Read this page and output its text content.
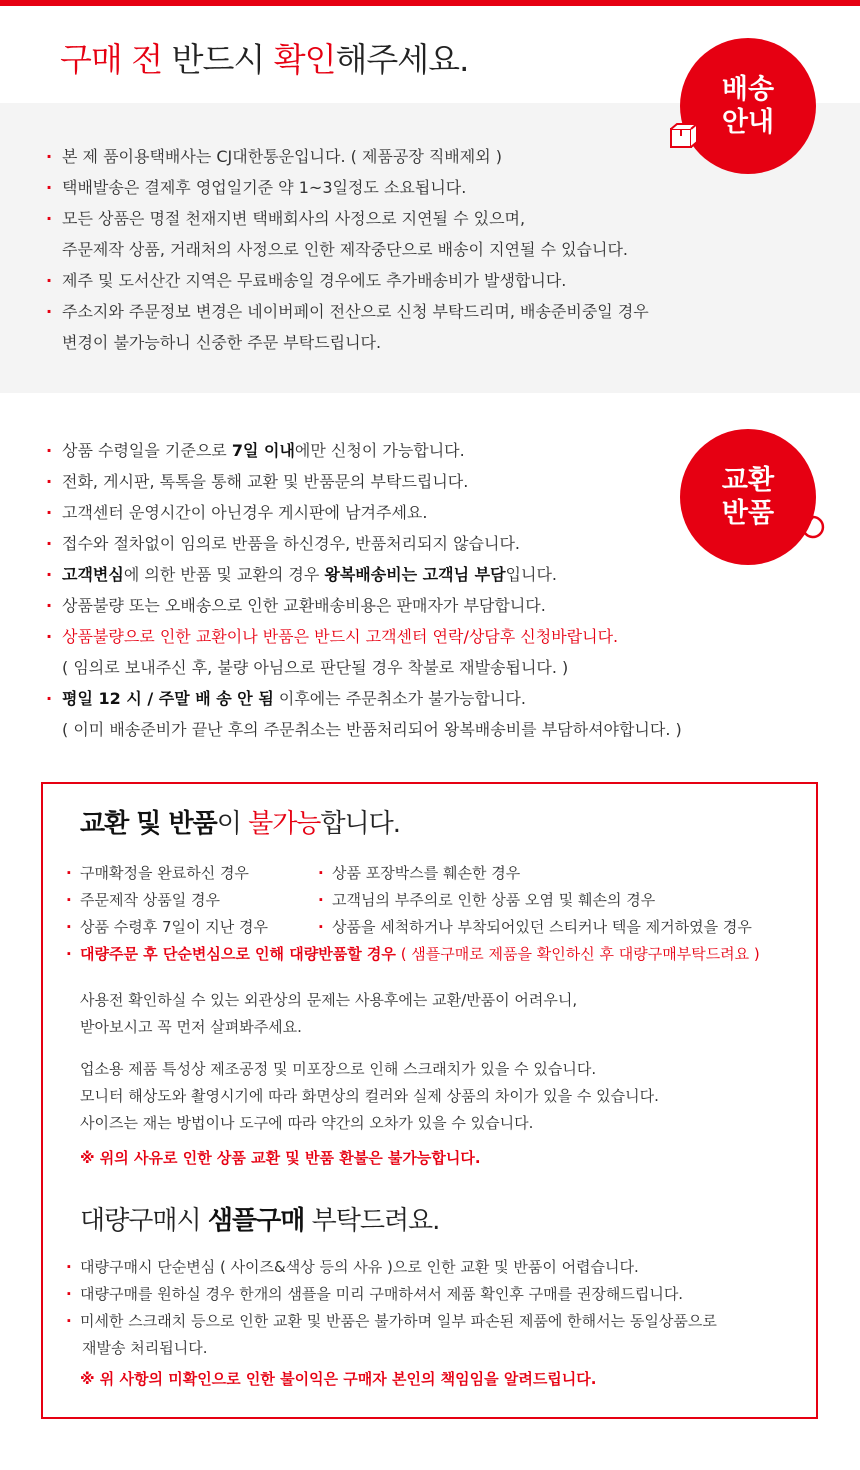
구매 전 반드시 확인해주세요.
배송
안내
· 본 제 품이용택배사는 CJ대한통운입니다. ( 제품공장 직배제외 )
· 택배발송은 결제후 영업일기준 약 1~3일정도 소요됩니다.
· 모든 상품은 명절 천재지변 택배회사의 사정으로 지연될 수 있으며,
주문제작 상품, 거래처의 사정으로 인한 제작중단으로 배송이 지연될 수 있습니다.
· 제주 및 도서산간 지역은 무료배송일 경우에도 추가배송비가 발생합니다.
· 주소지와 주문정보 변경은 네이버페이 전산으로 신청 부탁드리며, 배송준비중일 경우
변경이 불가능하니 신중한 주문 부탁드립니다.
교환
반품
· 상품 수령일을 기준으로 7일 이내에만 신청이 가능합니다.
· 전화, 게시판, 톡톡을 통해 교환 및 반품문의 부탁드립니다.
· 고객센터 운영시간이 아닌경우 게시판에 남겨주세요.
· 접수와 절차없이 임의로 반품을 하신경우, 반품처리되지 않습니다.
· 고객변심에 의한 반품 및 교환의 경우 왕복배송비는 고객님 부담입니다.
· 상품불량 또는 오배송으로 인한 교환배송비용은 판매자가 부담합니다.
· 상품불량으로 인한 교환이나 반품은 반드시 고객센터 연락/상담후 신청바랍니다.
( 임의로 보내주신 후, 불량 아님으로 판단될 경우 착불로 재발송됩니다. )
· 평일 12 시 / 주말 배 송 안 됨 이후에는 주문취소가 불가능합니다.
( 이미 배송준비가 끝난 후의 주문취소는 반품처리되어 왕복배송비를 부담하셔야합니다. )
교환 및 반품이 불가능합니다.
· 구매확정을 완료하신 경우	· 상품 포장박스를 훼손한 경우
· 주문제작 상품일 경우	· 고객님의 부주의로 인한 상품 오염 및 훼손의 경우
· 상품 수령후 7일이 지난 경우	· 상품을 세척하거나 부착되어있던 스티커나 텍을 제거하였을 경우
· 대량주문 후 단순변심으로 인해 대량반품할 경우 ( 샘플구매로 제품을 확인하신 후 대량구매부탁드려요 )
사용전 확인하실 수 있는 외관상의 문제는 사용후에는 교환/반품이 어려우니,
받아보시고 꼭 먼저 살펴봐주세요.
업소용 제품 특성상 제조공정 및 미포장으로 인해 스크래치가 있을 수 있습니다.
모니터 해상도와 촬영시기에 따라 화면상의 컬러와 실제 상품의 차이가 있을 수 있습니다.
사이즈는 재는 방법이나 도구에 따라 약간의 오차가 있을 수 있습니다.
※ 위의 사유로 인한 상품 교환 및 반품 환불은 불가능합니다.
대량구매시 샘플구매 부탁드려요.
· 대량구매시 단순변심 ( 사이즈&색상 등의 사유 )으로 인한 교환 및 반품이 어렵습니다.
· 대량구매를 원하실 경우 한개의 샘플을 미리 구매하셔서 제품 확인후 구매를 권장해드립니다.
· 미세한 스크래치 등으로 인한 교환 및 반품은 불가하며 일부 파손된 제품에 한해서는 동일상품으로
재발송 처리됩니다.
※ 위 사항의 미확인으로 인한 불이익은 구매자 본인의 책임임을 알려드립니다.
